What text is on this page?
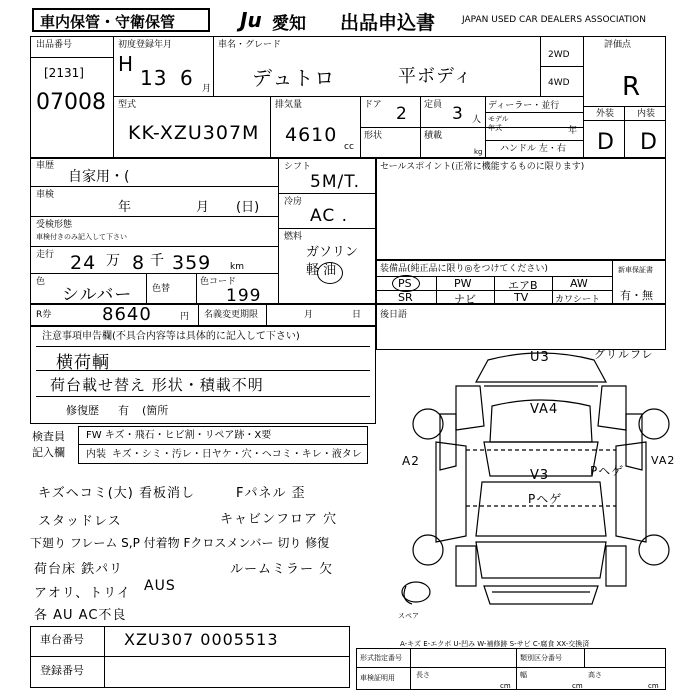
車内保管・守衛保管	Ju 愛知 出品申込書	JAPAN USED CAR DEALERS ASSOCIATION
出品番号
[2131]
07008
初度登録年月
H
13 6 月
車名・グレード
デュトロ	平ボディ
2WD
4WD
評価点
R
型式
KK-XZU307M
排気量
4610
cc
ドア 2 定員 3 人
形状	積載
kg
ディーラー・並行
モデル
年式	年
ハンドル 左・右
外装	内装
D D
車歴
自家用・(
車検
年	月 (日)
受検形態
車検付きのみ記入して下さい
走行 24 万 8 千 359 km
色
シルバー 色替
色コード
199
シフト
5M/T.
冷房
AC .
燃料
ガソリン
軽 油
セールスポイント(正常に機能するものに限ります)
装備品(純正品に限り◎をつけてください)
PS	PW	エアB	AW
SR	ナビ	TV	カワシート
新車保証書
有・無
R券	8640	円 名義変更期限	月	日 後日語
注意事項申告欄(不具合内容等は具体的に記入して下さい)
横荷輌
荷台載せ替え 形状・積載不明
修復歴 有 (箇所
検査員
記入欄
FW キズ・飛石・ヒビ割・リペア跡・X要
内装 キズ・シミ・汚レ・日ヤケ・穴・ヘコミ・キレ・液タレ
キズヘコミ(大) 看板消し	Fパネル 歪
スタッドレス	キャビンフロア 穴
下廻り フレーム S,P 付着物 Fクロスメンバー 切り 修復
荷台床 鉄パリ	ルームミラー 欠
アオリ、トリイ AUS
各 AU AC不良
U3	グリルフレ
VA4
A2	VA2
Pヘゲ
V3
Pヘゲ
スペア
A-キズ E-エクボ U-凹み W-補修跡 S-サビ C-腐食 XX-交換済
車台番号	XZU307 0005513
登録番号
形式指定番号	類別区分番号
車検証明用	長さ
cm
幅
cm
高さ
cm
